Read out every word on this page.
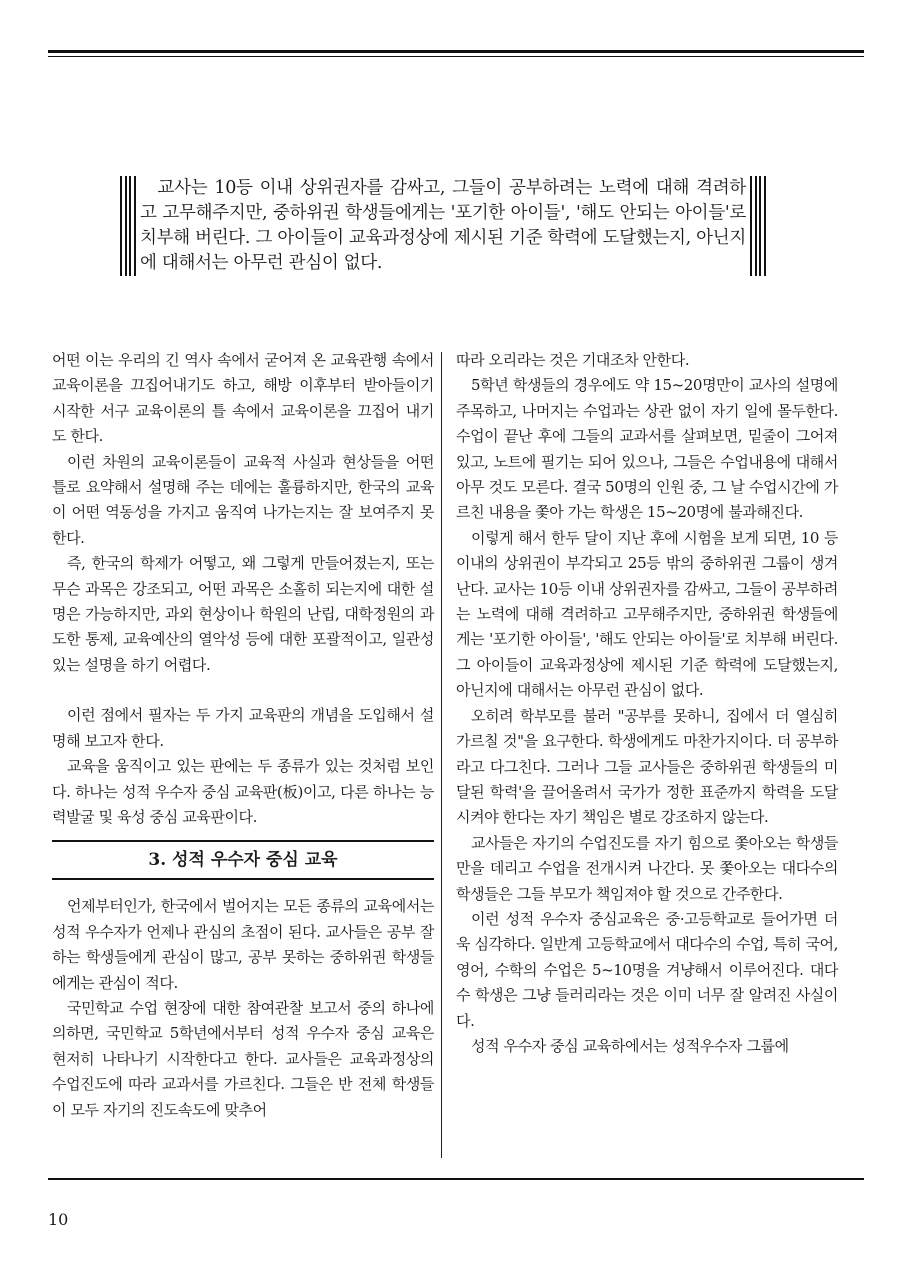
교사는 10등 이내 상위권자를 감싸고, 그들이 공부하려는 노력에 대해 격려하고 고무해주지만, 중하위권 학생들에게는 '포기한 아이들', '해도 안되는 아이들'로 치부해 버린다. 그 아이들이 교육과정상에 제시된 기준 학력에 도달했는지, 아닌지에 대해서는 아무런 관심이 없다.

어떤 이는 우리의 긴 역사 속에서 굳어져 온 교육관행 속에서 교육이론을 끄집어내기도 하고, 해방 이후부터 받아들이기 시작한 서구 교육이론의 틀 속에서 교육이론을 끄집어 내기도 한다.

이런 차원의 교육이론들이 교육적 사실과 현상들을 어떤 틀로 요약해서 설명해 주는 데에는 훌륭하지만, 한국의 교육이 어떤 역동성을 가지고 움직여 나가는지는 잘 보여주지 못한다.

즉, 한국의 학제가 어떻고, 왜 그렇게 만들어졌는지, 또는 무슨 과목은 강조되고, 어떤 과목은 소홀히 되는지에 대한 설명은 가능하지만, 과외 현상이나 학원의 난립, 대학정원의 과도한 통제, 교육예산의 열악성 등에 대한 포괄적이고, 일관성 있는 설명을 하기 어렵다.

이런 점에서 필자는 두 가지 교육판의 개념을 도입해서 설명해 보고자 한다.

교육을 움직이고 있는 판에는 두 종류가 있는 것처럼 보인다. 하나는 성적 우수자 중심 교육판(板)이고, 다른 하나는 능력발굴 및 육성 중심 교육판이다.

3. 성적 우수자 중심 교육

언제부터인가, 한국에서 벌어지는 모든 종류의 교육에서는 성적 우수자가 언제나 관심의 초점이 된다. 교사들은 공부 잘하는 학생들에게 관심이 많고, 공부 못하는 중하위권 학생들에게는 관심이 적다.

국민학교 수업 현장에 대한 참여관찰 보고서 중의 하나에 의하면, 국민학교 5학년에서부터 성적 우수자 중심 교육은 현저히 나타나기 시작한다고 한다. 교사들은 교육과정상의 수업진도에 따라 교과서를 가르친다. 그들은 반 전체 학생들이 모두 자기의 진도속도에 맞추어

따라 오리라는 것은 기대조차 안한다.

5학년 학생들의 경우에도 약 15~20명만이 교사의 설명에 주목하고, 나머지는 수업과는 상관 없이 자기 일에 몰두한다. 수업이 끝난 후에 그들의 교과서를 살펴보면, 밑줄이 그어져 있고, 노트에 필기는 되어 있으나, 그들은 수업내용에 대해서 아무 것도 모른다. 결국 50명의 인원 중, 그 날 수업시간에 가르친 내용을 쫓아 가는 학생은 15~20명에 불과해진다.

이렇게 해서 한두 달이 지난 후에 시험을 보게 되면, 10 등이내의 상위권이 부각되고 25등 밖의 중하위권 그룹이 생겨난다. 교사는 10등 이내 상위권자를 감싸고, 그들이 공부하려는 노력에 대해 격려하고 고무해주지만, 중하위권 학생들에게는 '포기한 아이들', '해도 안되는 아이들'로 치부해 버린다. 그 아이들이 교육과정상에 제시된 기준 학력에 도달했는지, 아닌지에 대해서는 아무런 관심이 없다.

오히려 학부모를 불러 "공부를 못하니, 집에서 더 열심히 가르칠 것"을 요구한다. 학생에게도 마찬가지이다. 더 공부하라고 다그친다. 그러나 그들 교사들은 중하위권 학생들의 미달된 학력'을 끌어올려서 국가가 정한 표준까지 학력을 도달시켜야 한다는 자기 책임은 별로 강조하지 않는다.

교사들은 자기의 수업진도를 자기 힘으로 쫓아오는 학생들만을 데리고 수업을 전개시켜 나간다. 못 쫓아오는 대다수의 학생들은 그들 부모가 책임져야 할 것으로 간주한다.

이런 성적 우수자 중심교육은 중·고등학교로 들어가면 더욱 심각하다. 일반계 고등학교에서 대다수의 수업, 특히 국어, 영어, 수학의 수업은 5~10명을 겨냥해서 이루어진다. 대다수 학생은 그냥 들러리라는 것은 이미 너무 잘 알려진 사실이다.

성적 우수자 중심 교육하에서는 성적우수자 그룹에

10
